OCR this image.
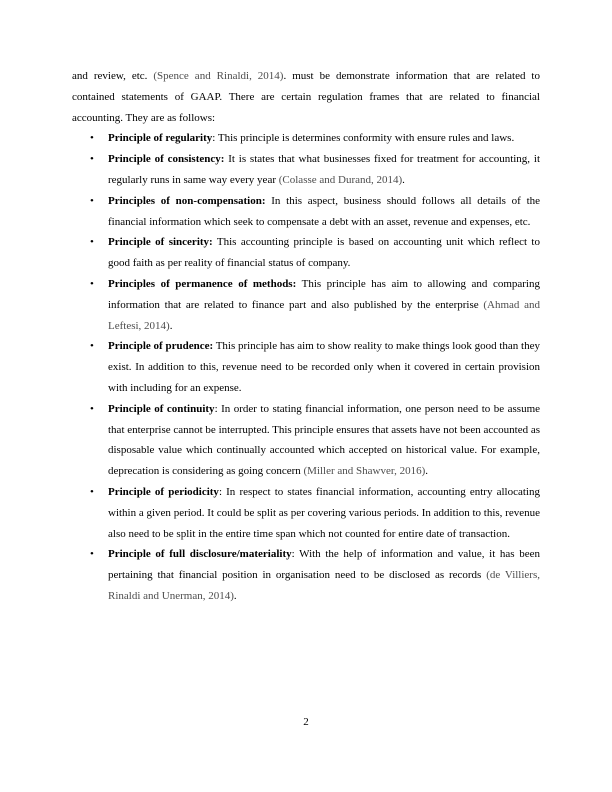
and review, etc. (Spence and Rinaldi, 2014). must be demonstrate information that are related to contained statements of GAAP. There are certain regulation frames that are related to financial accounting. They are as follows:

• Principle of regularity: This principle is determines conformity with ensure rules and laws.
• Principle of consistency: It is states that what businesses fixed for treatment for accounting, it regularly runs in same way every year (Colasse and Durand, 2014).
• Principles of non-compensation: In this aspect, business should follows all details of the financial information which seek to compensate a debt with an asset, revenue and expenses, etc.
• Principle of sincerity: This accounting principle is based on accounting unit which reflect to good faith as per reality of financial status of company.
• Principles of permanence of methods: This principle has aim to allowing and comparing information that are related to finance part and also published by the enterprise (Ahmad and Leftesi, 2014).
• Principle of prudence: This principle has aim to show reality to make things look good than they exist. In addition to this, revenue need to be recorded only when it covered in certain provision with including for an expense.
• Principle of continuity: In order to stating financial information, one person need to be assume that enterprise cannot be interrupted. This principle ensures that assets have not been accounted as disposable value which continually accounted which accepted on historical value. For example, deprecation is considering as going concern (Miller and Shawver, 2016).
• Principle of periodicity: In respect to states financial information, accounting entry allocating within a given period. It could be split as per covering various periods. In addition to this, revenue also need to be split in the entire time span which not counted for entire date of transaction.
• Principle of full disclosure/materiality: With the help of information and value, it has been pertaining that financial position in organisation need to be disclosed as records (de Villiers, Rinaldi and Unerman, 2014).
2
